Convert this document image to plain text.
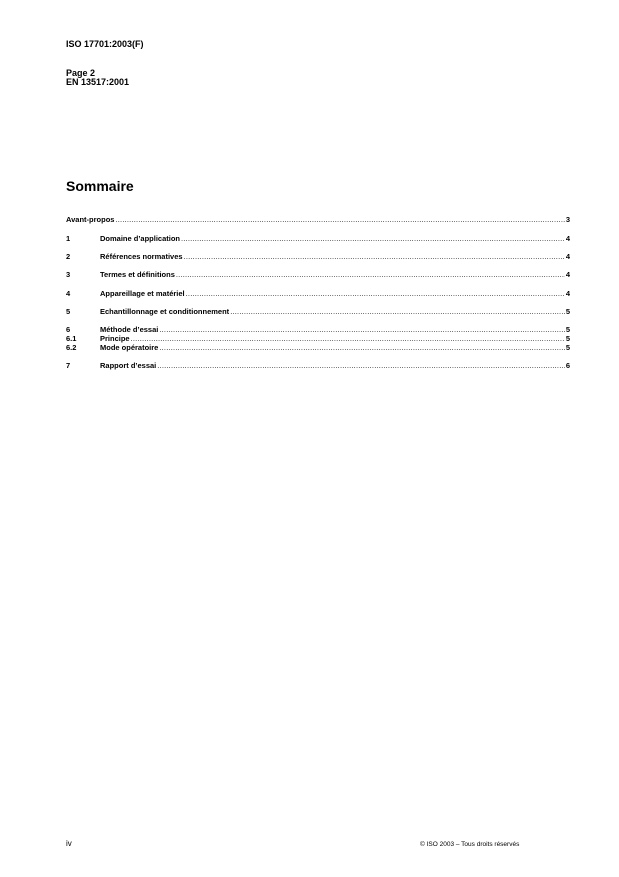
ISO 17701:2003(F)
Page 2
EN 13517:2001
Sommaire
Avant-propos .....	3
1	Domaine d’application .....	4
2	Références normatives .....	4
3	Termes et définitions .....	4
4	Appareillage et matériel .....	4
5	Echantillonnage et conditionnement .....	5
6	Méthode d’essai .....	5
6.1	Principe .....	5
6.2	Mode opératoire .....	5
7	Rapport d’essai .....	6
iv	© ISO 2003 – Tous droits réservés
